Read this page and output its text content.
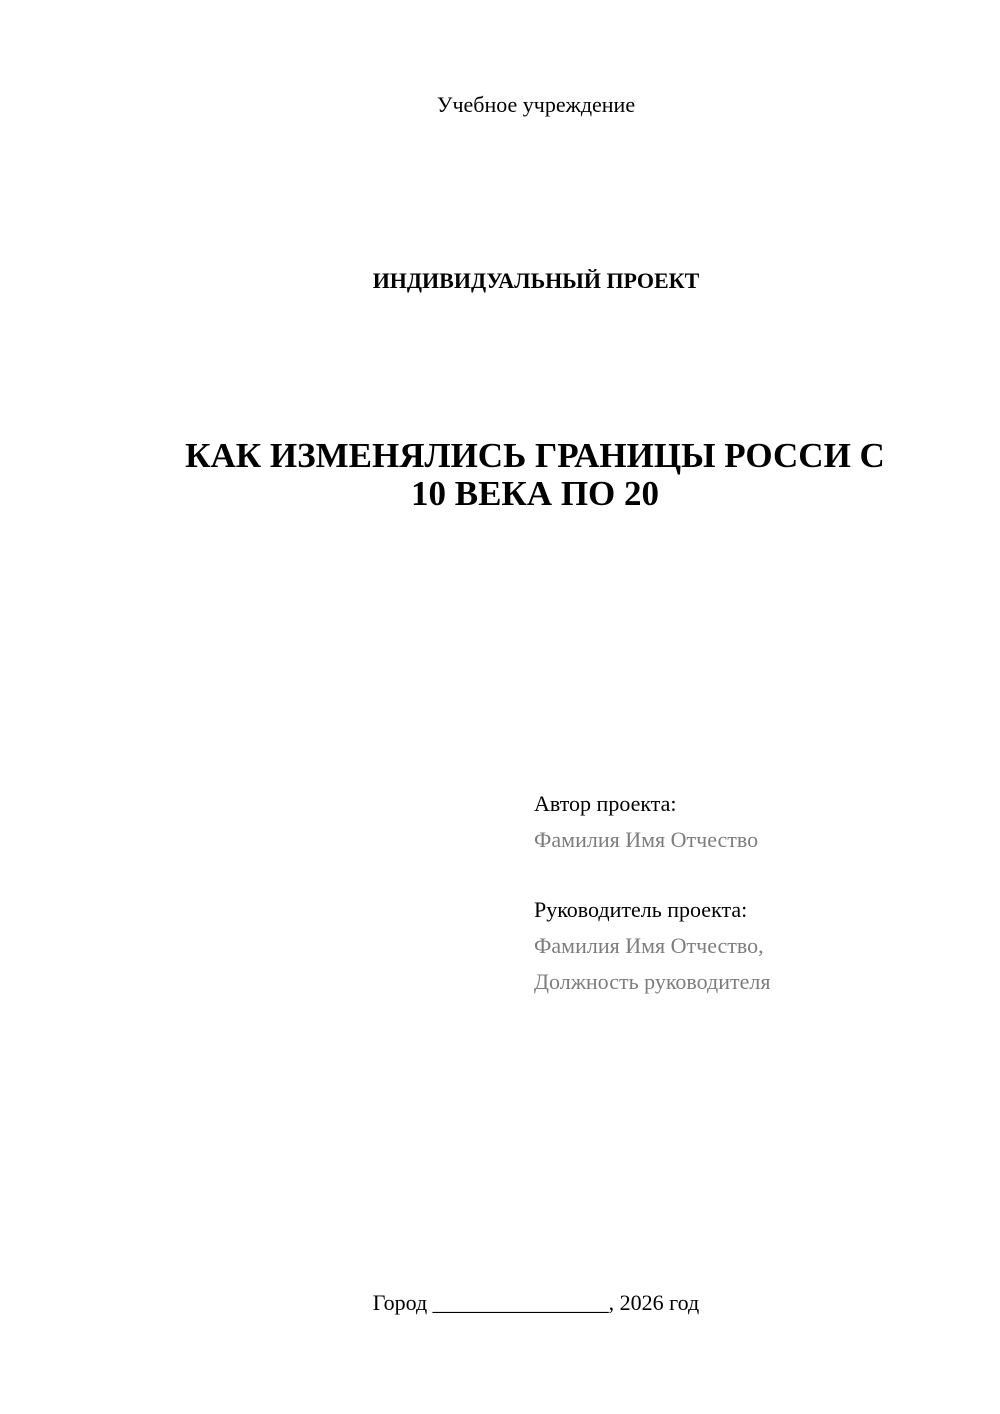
Учебное учреждение
ИНДИВИДУАЛЬНЫЙ ПРОЕКТ
КАК ИЗМЕНЯЛИСЬ ГРАНИЦЫ РОССИ С
10 ВЕКА ПО 20
Автор проекта:
Фамилия Имя Отчество
Руководитель проекта:
Фамилия Имя Отчество,
Должность руководителя
Город ________________, 2026 год
